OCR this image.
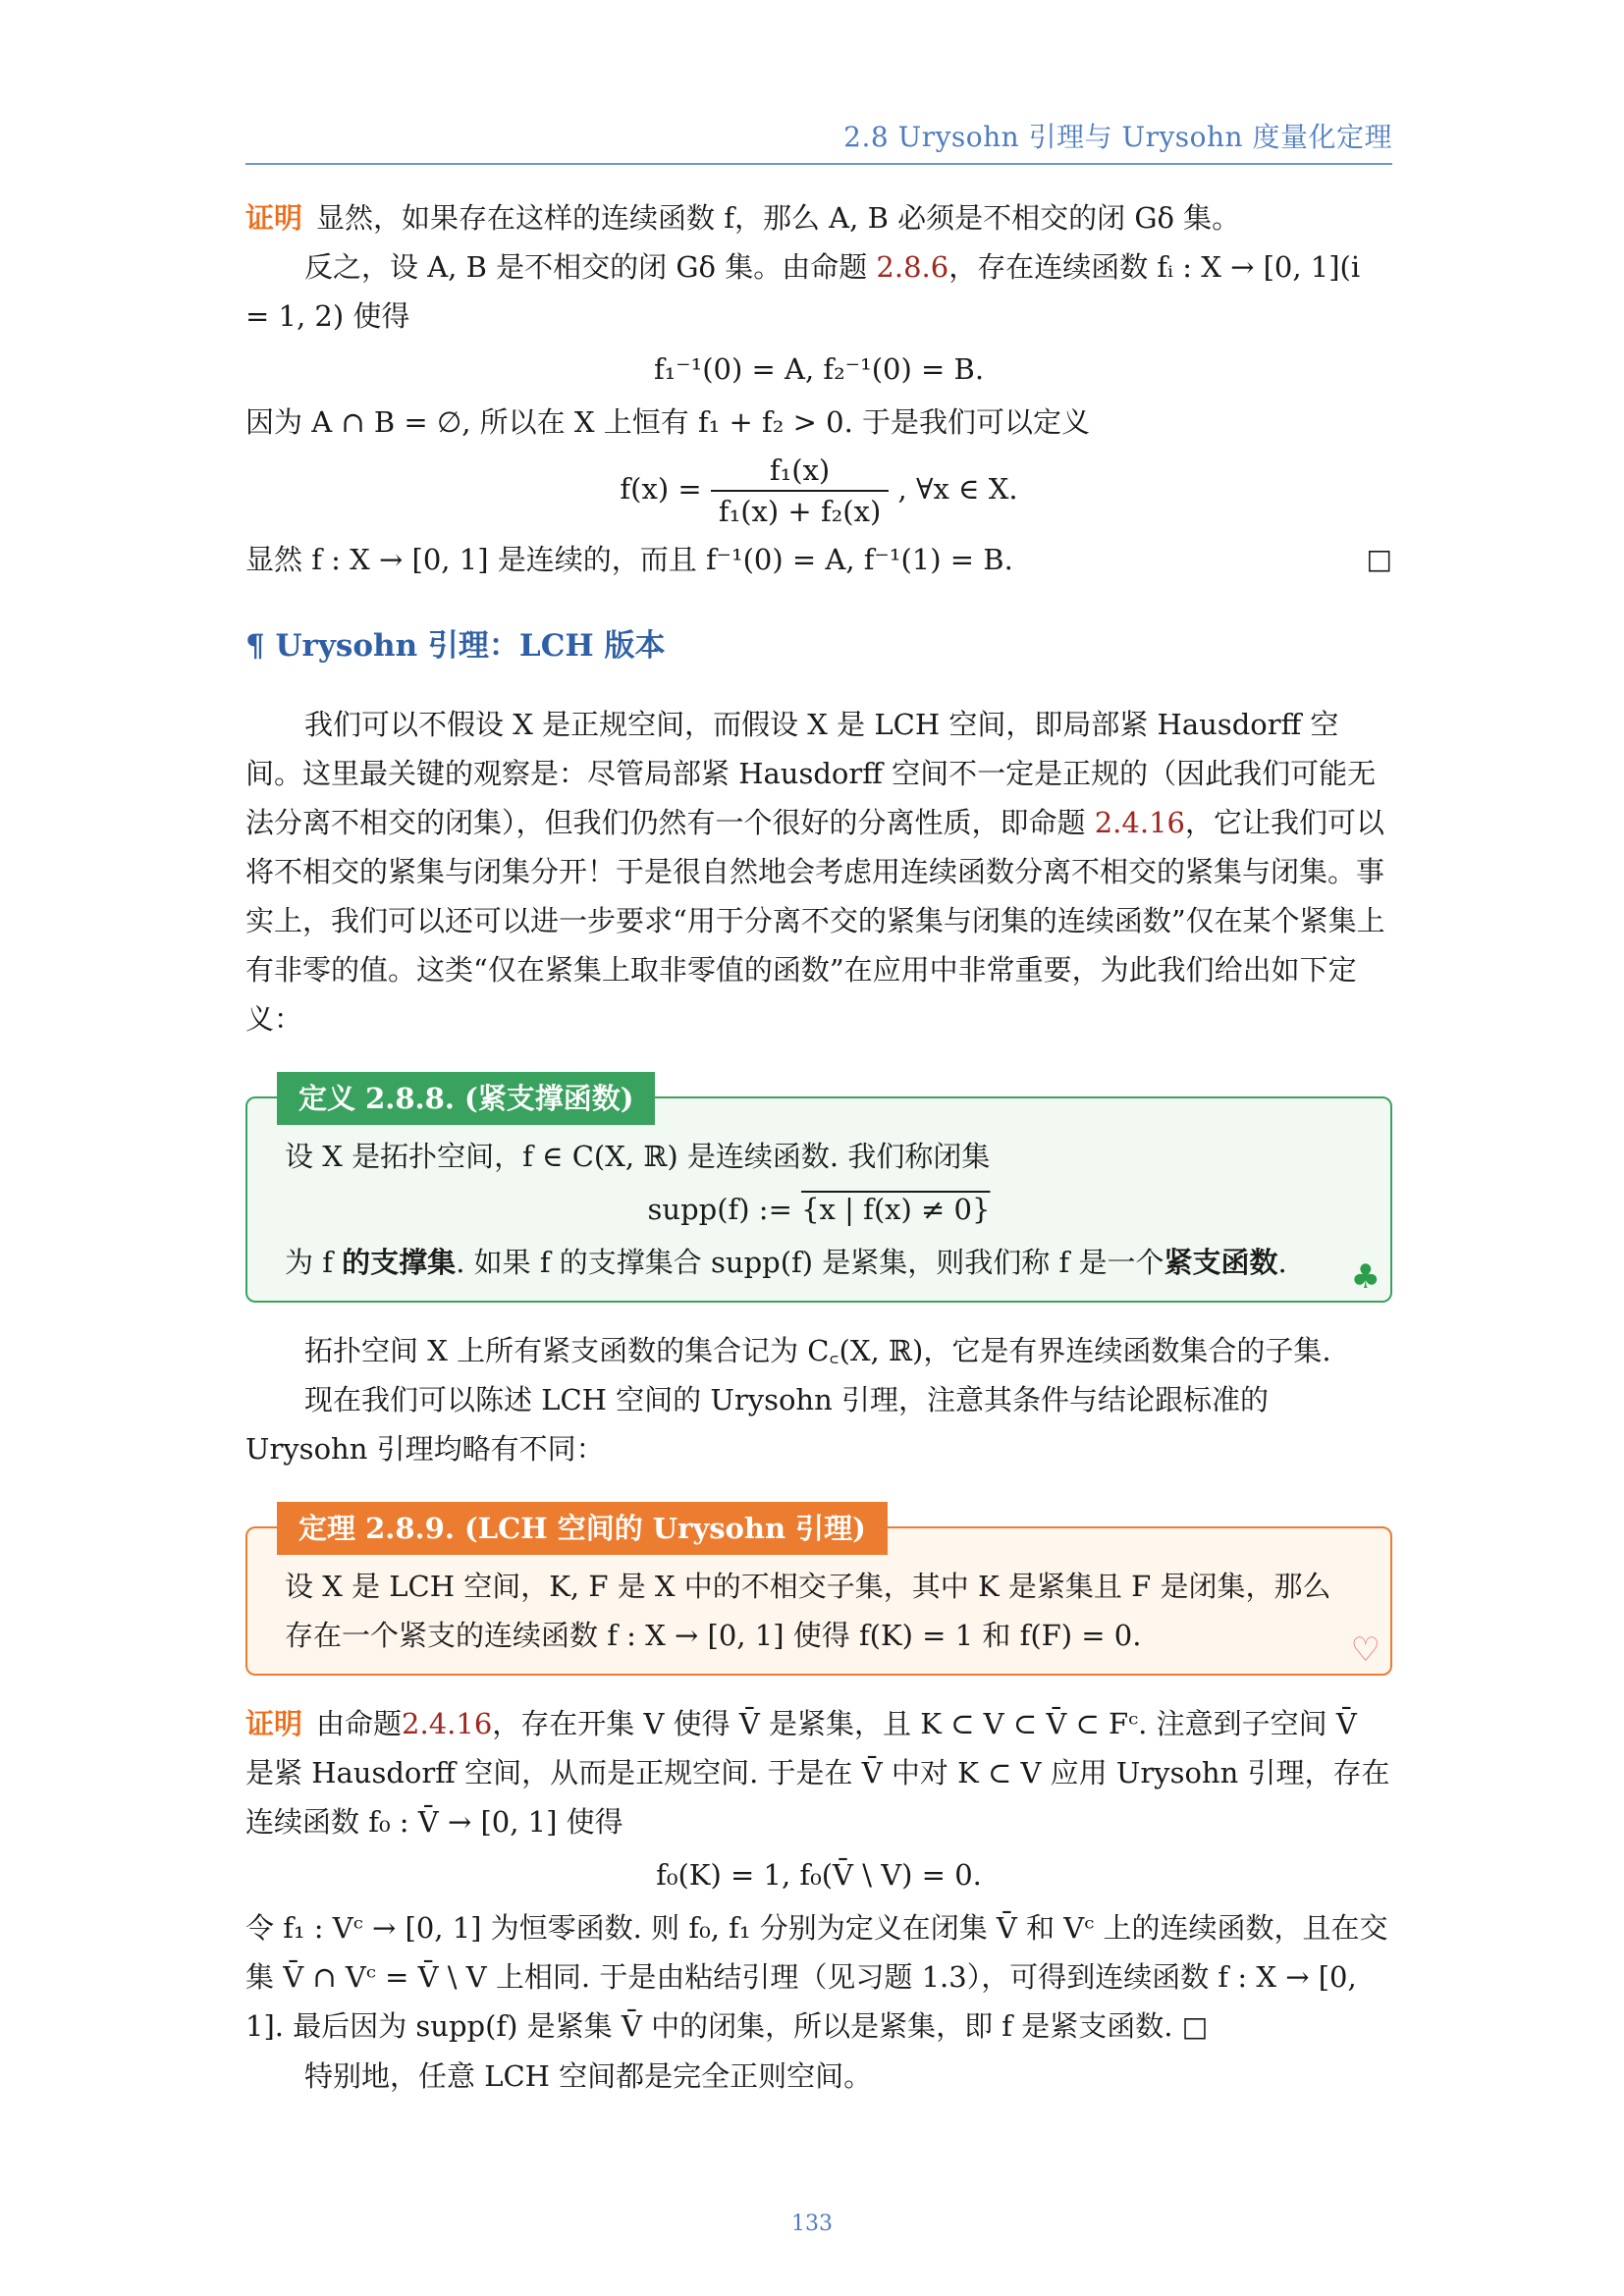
2.8 Urysohn 引理与 Urysohn 度量化定理

证明 显然，如果存在这样的连续函数 f，那么 A, B 必须是不相交的闭 Gδ 集。

反之，设 A, B 是不相交的闭 Gδ 集。由命题 2.8.6，存在连续函数 fᵢ : X → [0, 1](i = 1, 2) 使得

f₁⁻¹(0) = A, f₂⁻¹(0) = B.

因为 A ∩ B = ∅, 所以在 X 上恒有 f₁ + f₂ > 0. 于是我们可以定义

$f(x) = \frac{\text{f₁(x)}}{\text{f₁(x) + f₂(x)}}$ , ∀x ∈ X.

显然 f : X → [0, 1] 是连续的，而且 f⁻¹(0) = A, f⁻¹(1) = B.	□

¶ Urysohn 引理：LCH 版本

我们可以不假设 X 是正规空间，而假设 X 是 LCH 空间，即局部紧 Hausdorff 空间。这里最关键的观察是：尽管局部紧 Hausdorff 空间不一定是正规的（因此我们可能无法分离不相交的闭集），但我们仍然有一个很好的分离性质，即命题 2.4.16，它让我们可以将不相交的紧集与闭集分开！于是很自然地会考虑用连续函数分离不相交的紧集与闭集。事实上，我们可以还可以进一步要求“用于分离不交的紧集与闭集的连续函数”仅在某个紧集上有非零的值。这类“仅在紧集上取非零值的函数”在应用中非常重要，为此我们给出如下定义：

定义 2.8.8. (紧支撑函数)

设 X 是拓扑空间，f ∈ C(X, ℝ) 是连续函数. 我们称闭集

supp(f) := {x | f(x) ≠ 0}

为 f 的支撑集. 如果 f 的支撑集合 supp(f) 是紧集，则我们称 f 是一个紧支函数.	♣

拓扑空间 X 上所有紧支函数的集合记为 C꜀(X, ℝ)，它是有界连续函数集合的子集.

现在我们可以陈述 LCH 空间的 Urysohn 引理，注意其条件与结论跟标准的 Urysohn 引理均略有不同：

定理 2.8.9. (LCH 空间的 Urysohn 引理)

设 X 是 LCH 空间，K, F 是 X 中的不相交子集，其中 K 是紧集且 F 是闭集，那么存在一个紧支的连续函数 f : X → [0, 1] 使得 f(K) = 1 和 f(F) = 0.	♡

证明 由命题2.4.16，存在开集 V 使得 V̄ 是紧集，且 K ⊂ V ⊂ V̄ ⊂ Fᶜ. 注意到子空间 V̄ 是紧 Hausdorff 空间，从而是正规空间. 于是在 V̄ 中对 K ⊂ V 应用 Urysohn 引理，存在连续函数 f₀ : V̄ → [0, 1] 使得

f₀(K) = 1, f₀(V̄ \ V) = 0.

令 f₁ : Vᶜ → [0, 1] 为恒零函数. 则 f₀, f₁ 分别为定义在闭集 V̄ 和 Vᶜ 上的连续函数，且在交集 V̄ ∩ Vᶜ = V̄ \ V 上相同. 于是由粘结引理（见习题 1.3），可得到连续函数 f : X → [0, 1]. 最后因为 supp(f) 是紧集 V̄ 中的闭集，所以是紧集，即 f 是紧支函数. □

特别地，任意 LCH 空间都是完全正则空间。

133
